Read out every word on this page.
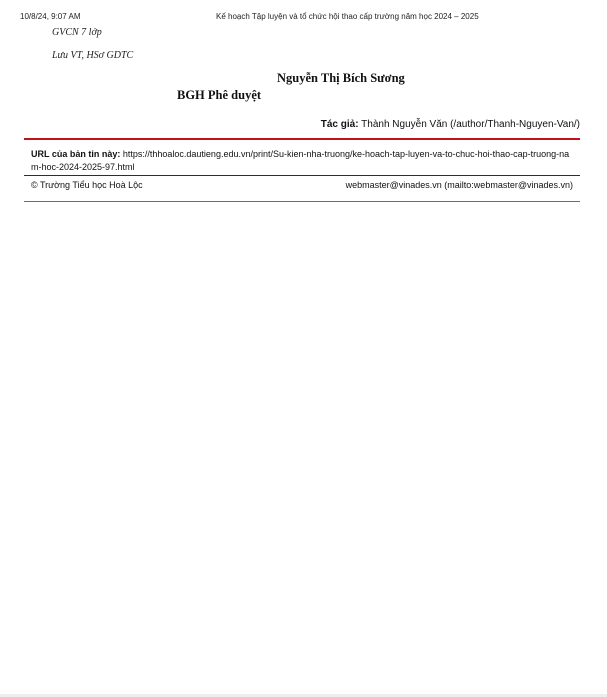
10/8/24, 9:07 AM	Kế hoạch Tập luyện và tổ chức hội thao cấp trường năm học 2024 – 2025
GVCN 7 lớp
Lưu VT, HSơ GDTC
Nguyễn Thị Bích Sương
BGH Phê duyệt
Tác giả: Thành Nguyễn Văn (/author/Thanh-Nguyen-Van/)
URL của bản tin này: https://thhoaloc.dautieng.edu.vn/print/Su-kien-nha-truong/ke-hoach-tap-luyen-va-to-chuc-hoi-thao-cap-truong-nam-hoc-2024-2025-97.html
© Trường Tiểu học Hoà Lộc	webmaster@vinades.vn (mailto:webmaster@vinades.vn)
